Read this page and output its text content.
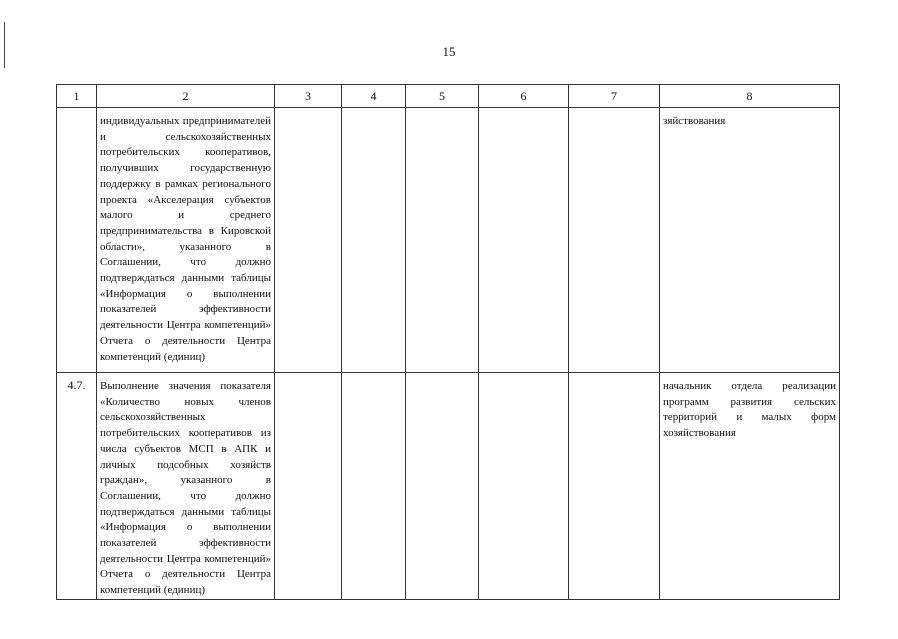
15
1	2	3	4	5	6	7	8

	индивидуальных предпринимателей и сельскохозяйственных потребительских кооперативов, получивших государственную поддержку в рамках регионального проекта «Акселерация субъектов малого и среднего предпринимательства в Кировской области», указанного в Соглашении, что должно подтверждаться данными таблицы «Информация о выполнении показателей эффективности деятельности Центра компетенций» Отчета о деятельности Центра компетенций (единиц)						зяйствования

4.7.	Выполнение значения показателя «Количество новых членов сельскохозяйственных потребительских кооперативов из числа субъектов МСП в АПК и личных подсобных хозяйств граждан», указанного в Соглашении, что должно подтверждаться данными таблицы «Информация о выполнении показателей эффективности деятельности Центра компетенций» Отчета о деятельности Центра компетенций (единиц)						начальник отдела реализации программ развития сельских территорий и малых форм хозяйствования
